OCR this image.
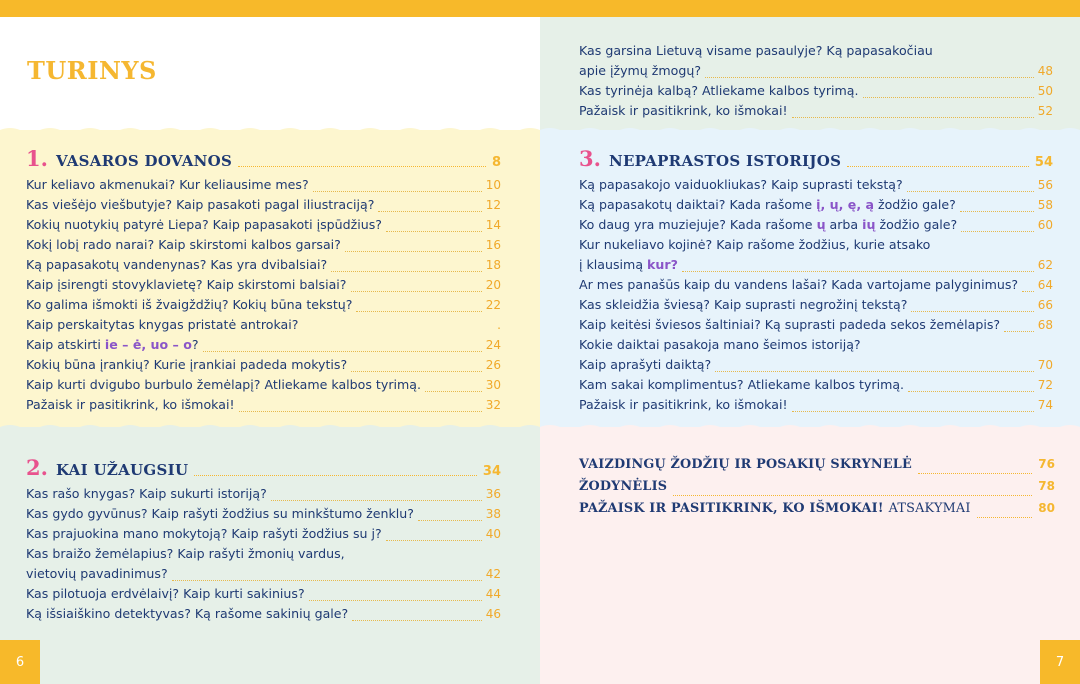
TURINYS
1. VASAROS DOVANOS	8
Kur keliavo akmenukai? Kur keliausime mes?	10
Kas viešėjo viešbutyje? Kaip pasakoti pagal iliustraciją?	12
Kokių nuotykių patyrė Liepa? Kaip papasakoti įspūdžius?	14
Kokį lobį rado narai? Kaip skirstomi kalbos garsai?	16
Ką papasakotų vandenynas? Kas yra dvibalsiai?	18
Kaip įsirengti stovyklavietę? Kaip skirstomi balsiai?	20
Ko galima išmokti iš žvaigždžių? Kokių būna tekstų?	22
Kaip perskaitytas knygas pristatė antrokai?	.
Kaip atskirti ie – ė, uo – o?	24
Kokių būna įrankių? Kurie įrankiai padeda mokytis?	26
Kaip kurti dvigubo burbulo žemėlapį? Atliekame kalbos tyrimą.	30
Pažaisk ir pasitikrink, ko išmokai!	32
2. KAI UŽAUGSIU	34
Kas rašo knygas? Kaip sukurti istoriją?	36
Kas gydo gyvūnus? Kaip rašyti žodžius su minkštumo ženklu?	38
Kas prajuokina mano mokytoją? Kaip rašyti žodžius su j?	40
Kas braižo žemėlapius? Kaip rašyti žmonių vardus,
vietovių pavadinimus?	42
Kas pilotuoja erdvėlaivį? Kaip kurti sakinius?	44
Ką išsiaiškino detektyvas? Ką rašome sakinių gale?	46
6
Kas garsina Lietuvą visame pasaulyje? Ką papasakočiau
apie įžymų žmogų?	48
Kas tyrinėja kalbą? Atliekame kalbos tyrimą.	50
Pažaisk ir pasitikrink, ko išmokai!	52
3. NEPAPRASTOS ISTORIJOS	54
Ką papasakojo vaiduokliukas? Kaip suprasti tekstą?	56
Ką papasakotų daiktai? Kada rašome į, ų, ę, ą žodžio gale?	58
Ko daug yra muziejuje? Kada rašome ų arba ių žodžio gale?	60
Kur nukeliavo kojinė? Kaip rašome žodžius, kurie atsako
į klausimą kur?	62
Ar mes panašūs kaip du vandens lašai? Kada vartojame palyginimus? 64
Kas skleidžia šviesą? Kaip suprasti negrožinį tekstą?	66
Kaip keitėsi šviesos šaltiniai? Ką suprasti padeda sekos žemėlapis?	68
Kokie daiktai pasakoja mano šeimos istoriją?
Kaip aprašyti daiktą?	70
Kam sakai komplimentus? Atliekame kalbos tyrimą.	72
Pažaisk ir pasitikrink, ko išmokai!	74
VAIZDINGŲ ŽODŽIŲ IR POSAKIŲ SKRYNELĖ	76
ŽODYNĖLIS	78
PAŽAISK IR PASITIKRINK, KO IŠMOKAI! ATSAKYMAI	80
7
